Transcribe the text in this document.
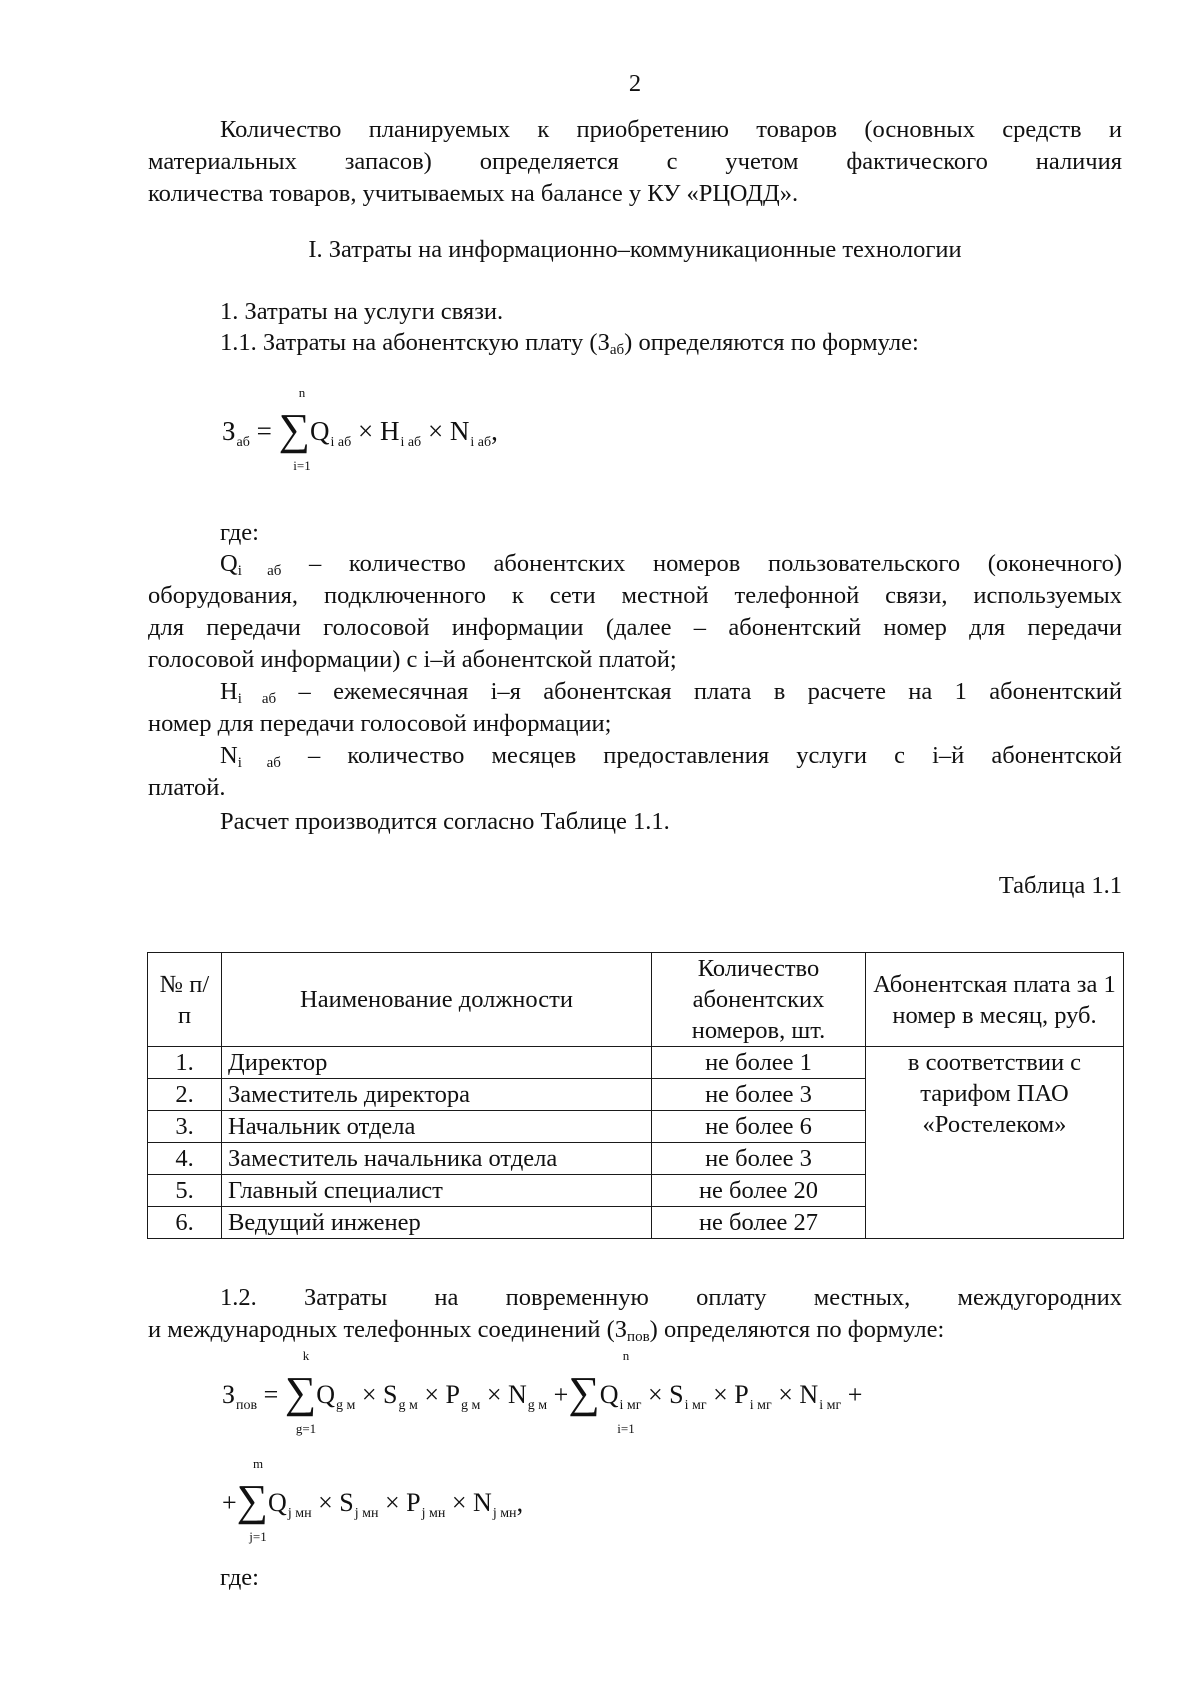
2
Количество планируемых к приобретению товаров (основных средств и
материальных запасов) определяется с учетом фактического наличия
количества товаров, учитываемых на балансе у КУ «РЦОДД».
I. Затраты на информационно–коммуникационные технологии
1. Затраты на услуги связи.
1.1. Затраты на абонентскую плату $(З_{аб})$ определяются по формуле:
$З_{аб} = \sum Q_{i аб} \times H_{i аб} \times N_{i аб}$,
n
i=1
где:
$Q_{i аб}$ – количество абонентских номеров пользовательского (оконечного)
оборудования, подключенного к сети местной телефонной связи, используемых
для передачи голосовой информации (далее – абонентский номер для передачи
голосовой информации) с i–й абонентской платой;
$H_{i аб}$ – ежемесячная i–я абонентская плата в расчете на 1 абонентский
номер для передачи голосовой информации;
$N_{i аб}$ – количество месяцев предоставления услуги с i–й абонентской
платой.
Расчет производится согласно Таблице 1.1.
Таблица 1.1
№ п/п	Наименование должности	Количество абонентских номеров, шт.	Абонентская плата за 1 номер в месяц, руб.
1.	Директор	не более 1	в соответствии с тарифом ПАО «Ростелеком»
2.	Заместитель директора	не более 3	
3.	Начальник отдела	не более 6	
4.	Заместитель начальника отдела	не более 3	
5.	Главный специалист	не более 20	
6.	Ведущий инженер	не более 27	
1.2. Затраты на повременную оплату местных, междугородних
и международных телефонных соединений $(З_{пов})$ определяются по формуле:
$З_{пов} = \sum Q_{g м} \times S_{g м} \times P_{g м} \times N_{g м} +\sum Q_{i мг} \times S_{i мг} \times P_{i мг} \times N_{i мг}$ +
k
g=1
n
i=1
$+\sum Q_{j мн} \times S_{j мн} \times P_{j мн} \times N_{j мн}$,
m
j=1
где:
